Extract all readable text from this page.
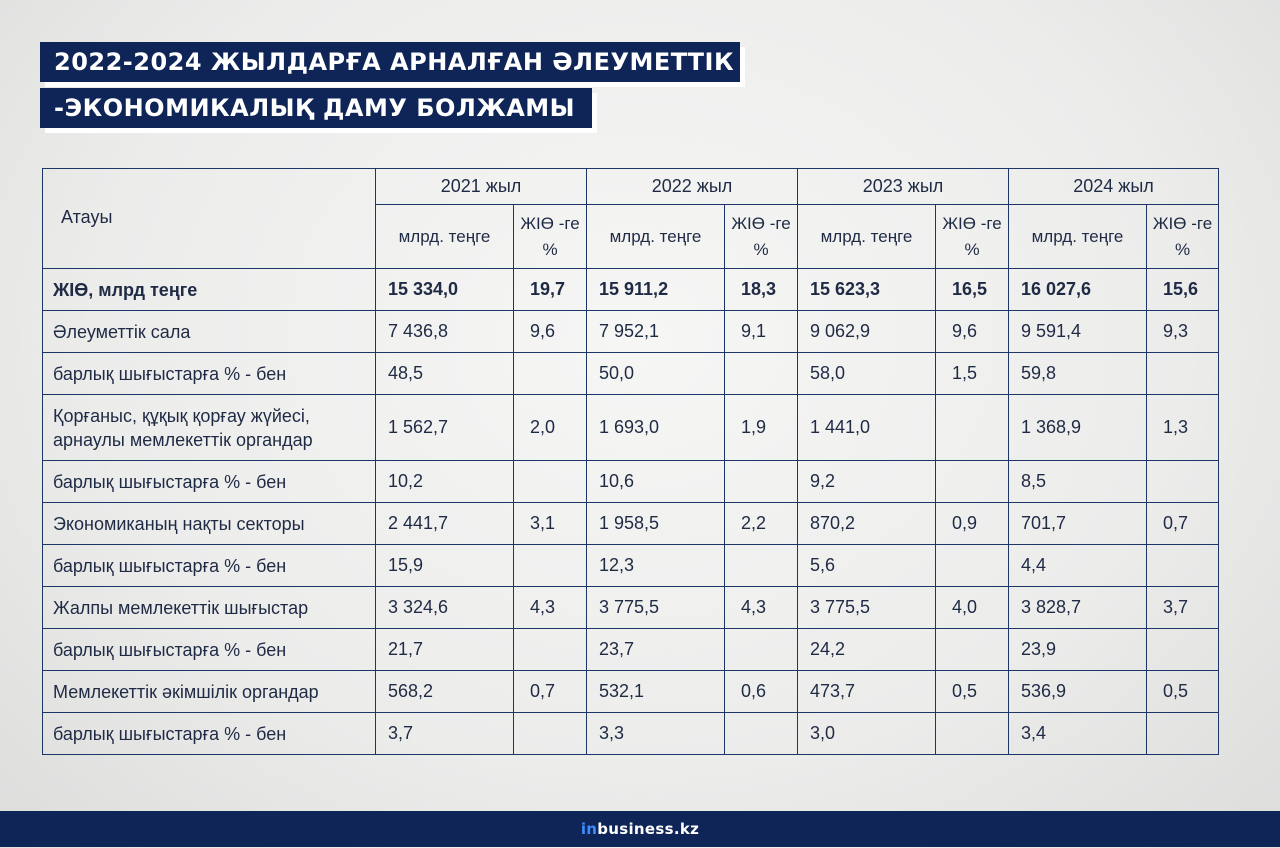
2022-2024 ЖЫЛДАРҒА АРНАЛҒАН ӘЛЕУМЕТТІК
-ЭКОНОМИКАЛЫҚ ДАМУ БОЛЖАМЫ
Атауы	2021 жыл		2022 жыл		2023 жыл		2024 жыл	
	млрд. теңге	ЖІӨ -ге %	млрд. теңге	ЖІӨ -ге %	млрд. теңге	ЖІӨ -ге %	млрд. теңге	ЖІӨ -ге %
ЖІӨ, млрд теңге	15 334,0	19,7	15 911,2	18,3	15 623,3	16,5	16 027,6	15,6
Әлеуметтік сала	7 436,8	9,6	7 952,1	9,1	9 062,9	9,6	9 591,4	9,3
барлық шығыстарға % - бен	48,5		50,0		58,0	1,5	59,8	
Қорғаныс, құқық қорғау жүйесі, арнаулы мемлекеттік органдар	1 562,7	2,0	1 693,0	1,9	1 441,0		1 368,9	1,3
барлық шығыстарға % - бен	10,2		10,6		9,2		8,5	
Экономиканың нақты секторы	2 441,7	3,1	1 958,5	2,2	870,2	0,9	701,7	0,7
барлық шығыстарға % - бен	15,9		12,3		5,6		4,4	
Жалпы мемлекеттік шығыстар	3 324,6	4,3	3 775,5	4,3	3 775,5	4,0	3 828,7	3,7
барлық шығыстарға % - бен	21,7		23,7		24,2		23,9	
Мемлекеттік әкімшілік органдар	568,2	0,7	532,1	0,6	473,7	0,5	536,9	0,5
барлық шығыстарға % - бен	3,7		3,3		3,0		3,4	
inbusiness.kz
